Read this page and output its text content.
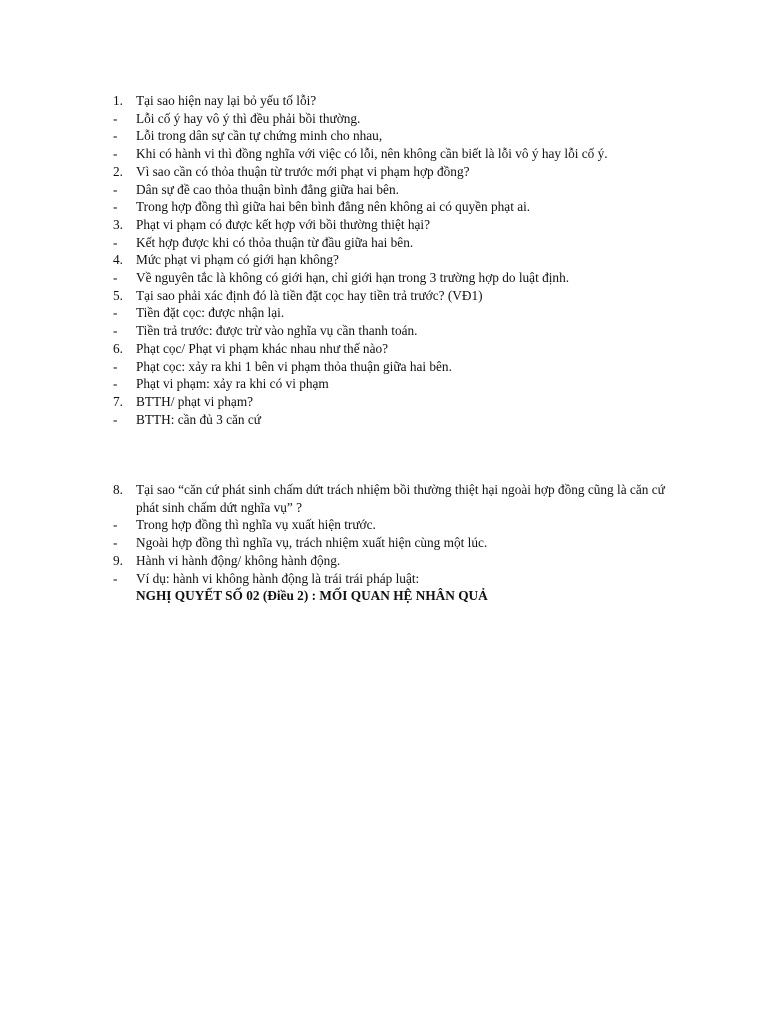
1. Tại sao hiện nay lại bỏ yếu tố lỗi?
-	Lỗi cố ý hay vô ý thì đều phải bồi thường.
-	Lỗi trong dân sự cần tự chứng minh cho nhau,
-	Khi có hành vi thì đồng nghĩa với việc có lỗi, nên không cần biết là lỗi vô ý hay lỗi cố ý.
2. Vì sao cần có thỏa thuận từ trước mới phạt vi phạm hợp đồng?
-	Dân sự đề cao thỏa thuận bình đẳng giữa hai bên.
-	Trong hợp đồng thì giữa hai bên bình đẳng nên không ai có quyền phạt ai.
3. Phạt vi phạm có được kết hợp với bồi thường thiệt hại?
-	Kết hợp được khi có thỏa thuận từ đầu giữa hai bên.
4. Mức phạt vi phạm có giới hạn không?
-	Về nguyên tắc là không có giới hạn, chỉ giới hạn trong 3 trường hợp do luật định.
5. Tại sao phải xác định đó là tiền đặt cọc hay tiền trả trước? (VĐ1)
-	Tiền đặt cọc: được nhận lại.
-	Tiền trả trước: được trừ vào nghĩa vụ cần thanh toán.
6. Phạt cọc/ Phạt vi phạm khác nhau như thế nào?
-	Phạt cọc: xảy ra khi 1 bên vi phạm thỏa thuận giữa hai bên.
-	Phạt vi phạm: xảy ra khi có vi phạm
7. BTTH/ phạt vi phạm?
-	BTTH: cần đủ 3 căn cứ
8. Tại sao “căn cứ phát sinh chấm dứt trách nhiệm bồi thường thiệt hại ngoài hợp đồng cũng là căn cứ phát sinh chấm dứt nghĩa vụ” ?
-	Trong hợp đồng thì nghĩa vụ xuất hiện trước.
-	Ngoài hợp đồng thì nghĩa vụ, trách nhiệm xuất hiện cùng một lúc.
9. Hành vi hành động/ không hành động.
-	Ví dụ: hành vi không hành động là trái trái pháp luật:
NGHỊ QUYẾT SỐ 02 (Điều 2) : MỐI QUAN HỆ NHÂN QUẢ
